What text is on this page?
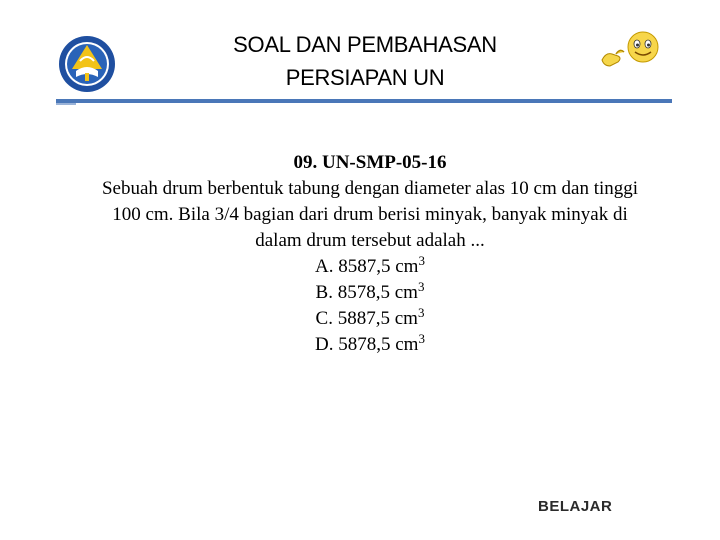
SOAL DAN PEMBAHASAN
PERSIAPAN UN
09. UN-SMP-05-16
Sebuah drum berbentuk tabung dengan diameter alas 10 cm dan tinggi 100 cm. Bila 3/4 bagian dari drum berisi minyak, banyak minyak di dalam drum tersebut adalah ...
A. 8587,5 $cm^3$
B. 8578,5 $cm^3$
C. 5887,5 $cm^3$
D. 5878,5 $cm^3$
BELAJAR
